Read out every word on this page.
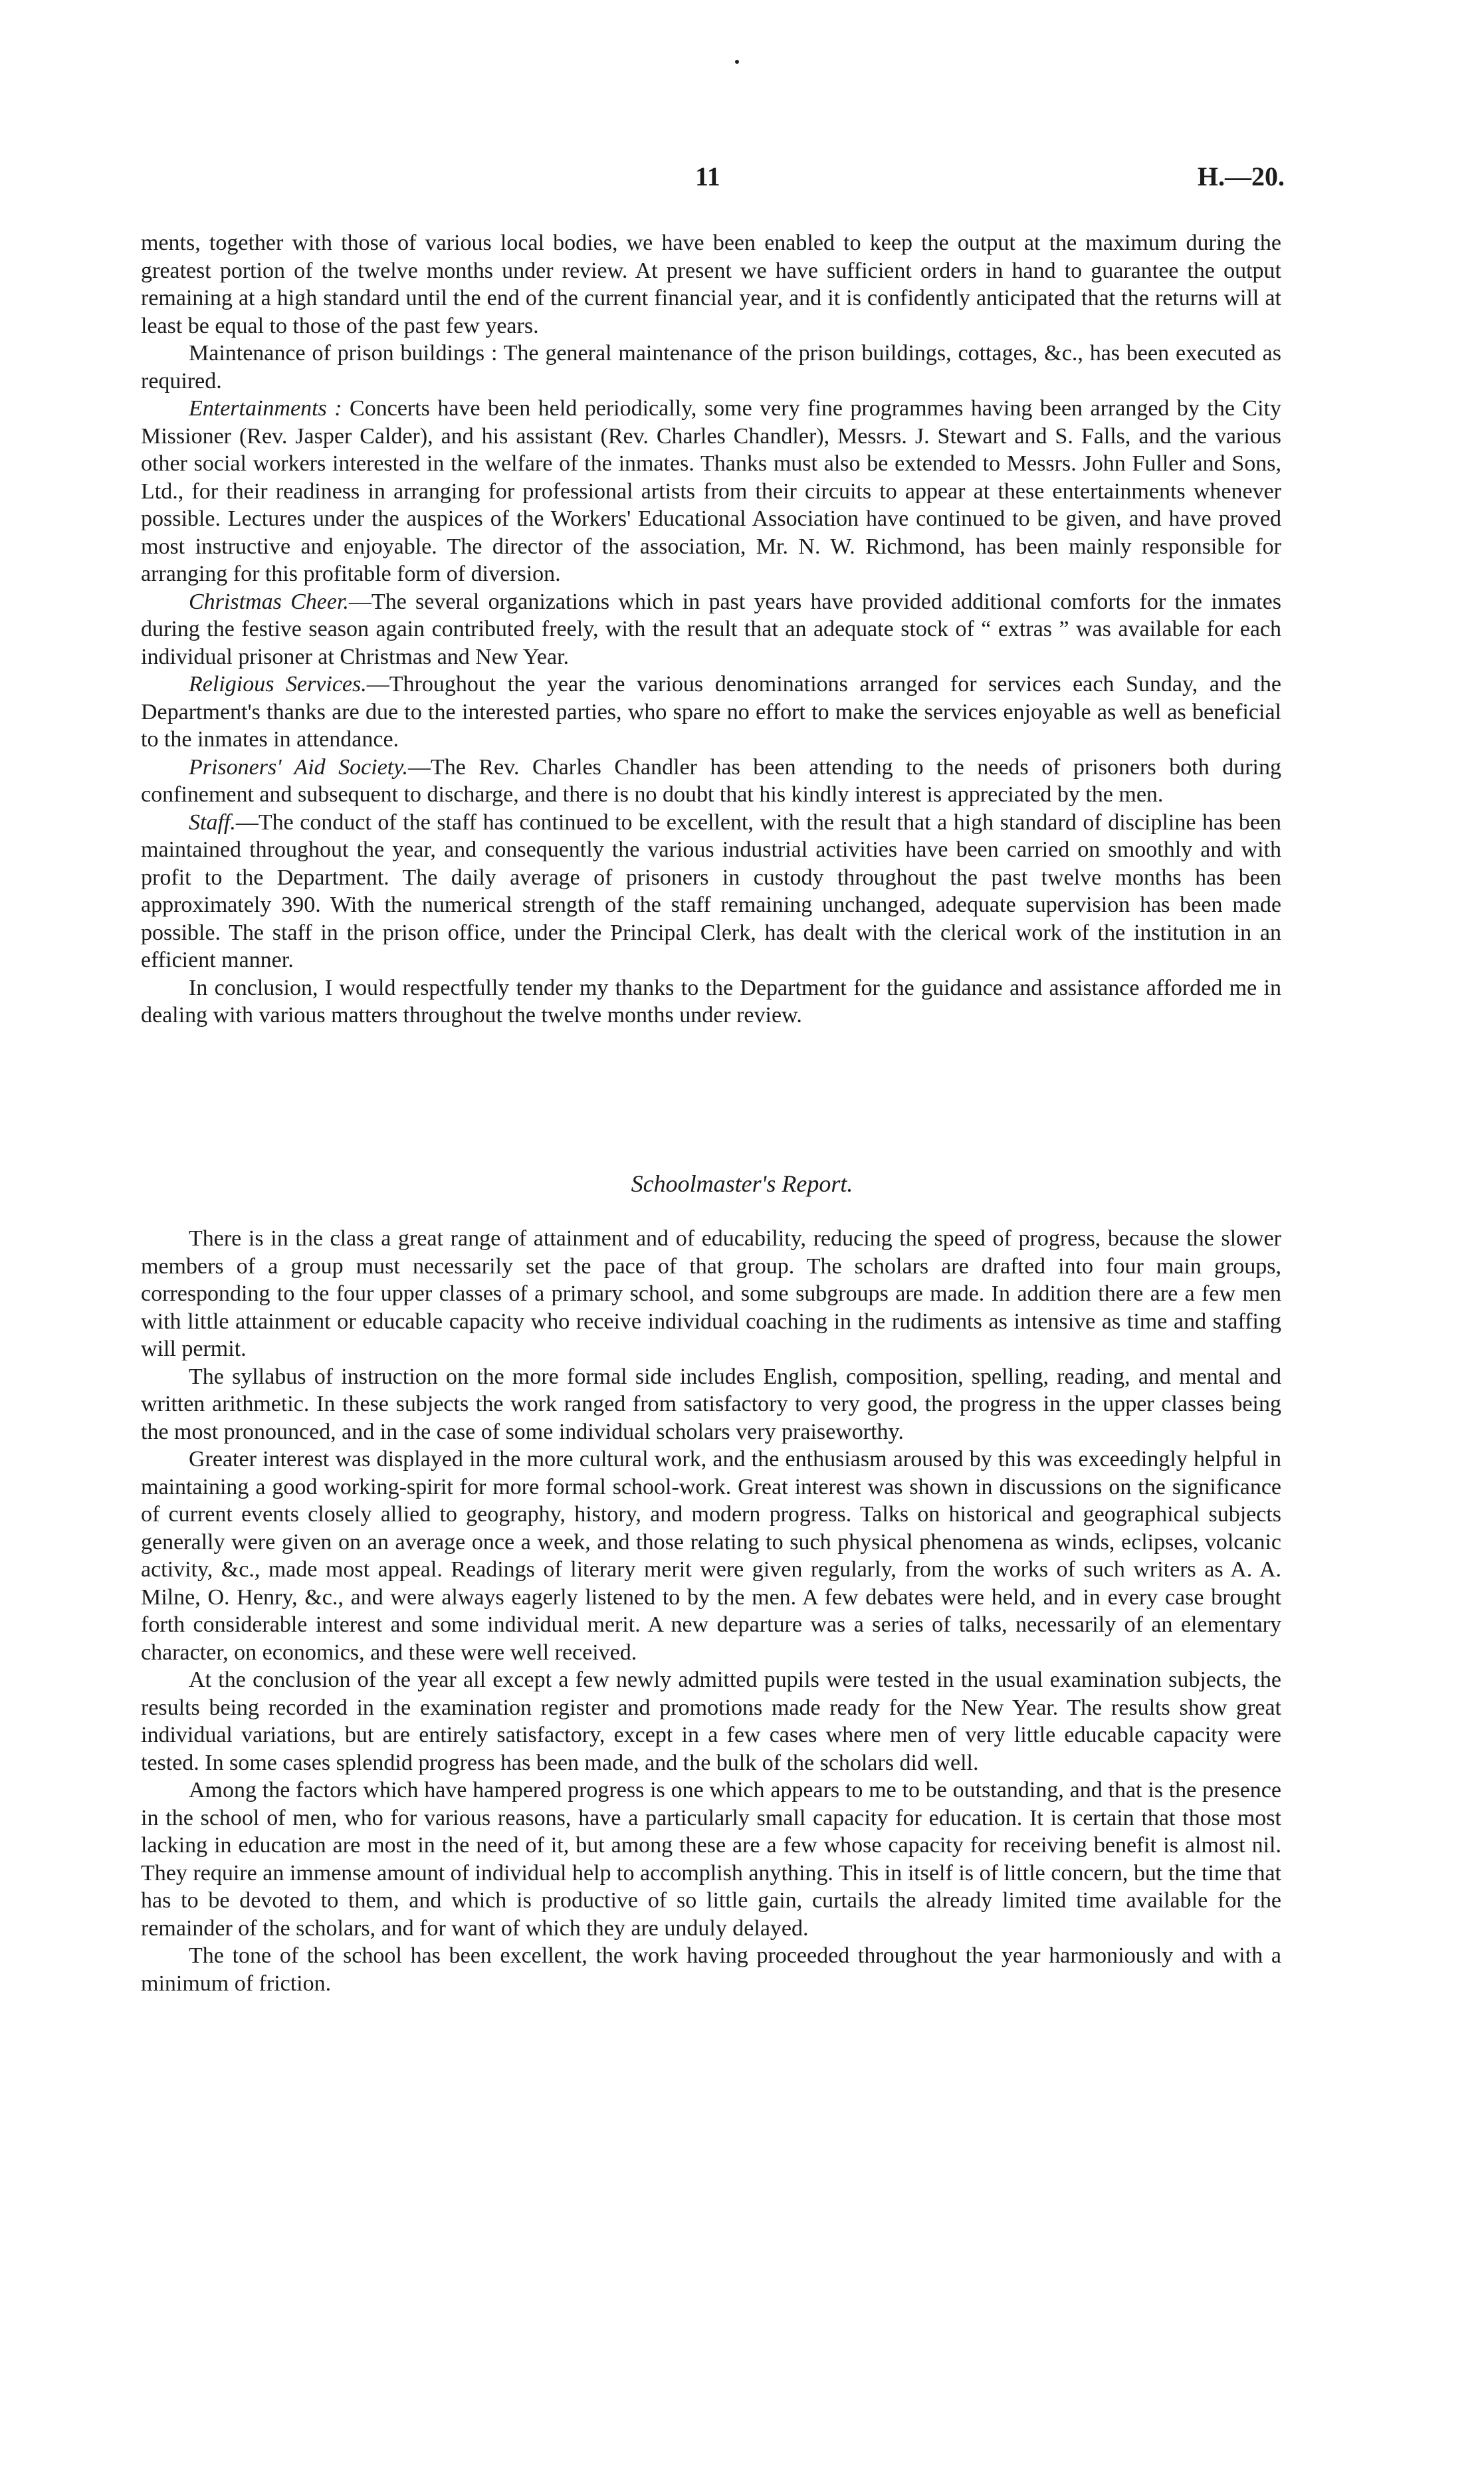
11	H.—20.

ments, together with those of various local bodies, we have been enabled to keep the output at the maximum during the greatest portion of the twelve months under review. At present we have sufficient orders in hand to guarantee the output remaining at a high standard until the end of the current financial year, and it is confidently anticipated that the returns will at least be equal to those of the past few years.

Maintenance of prison buildings : The general maintenance of the prison buildings, cottages, &c., has been executed as required.

Entertainments : Concerts have been held periodically, some very fine programmes having been arranged by the City Missioner (Rev. Jasper Calder), and his assistant (Rev. Charles Chandler), Messrs. J. Stewart and S. Falls, and the various other social workers interested in the welfare of the inmates. Thanks must also be extended to Messrs. John Fuller and Sons, Ltd., for their readiness in arranging for professional artists from their circuits to appear at these entertainments whenever possible. Lectures under the auspices of the Workers' Educational Association have continued to be given, and have proved most instructive and enjoyable. The director of the association, Mr. N. W. Richmond, has been mainly responsible for arranging for this profitable form of diversion.

Christmas Cheer.—The several organizations which in past years have provided additional comforts for the inmates during the festive season again contributed freely, with the result that an adequate stock of “ extras ” was available for each individual prisoner at Christmas and New Year.

Religious Services.—Throughout the year the various denominations arranged for services each Sunday, and the Department's thanks are due to the interested parties, who spare no effort to make the services enjoyable as well as beneficial to the inmates in attendance.

Prisoners' Aid Society.—The Rev. Charles Chandler has been attending to the needs of prisoners both during confinement and subsequent to discharge, and there is no doubt that his kindly interest is appreciated by the men.

Staff.—The conduct of the staff has continued to be excellent, with the result that a high standard of discipline has been maintained throughout the year, and consequently the various industrial activities have been carried on smoothly and with profit to the Department. The daily average of prisoners in custody throughout the past twelve months has been approximately 390. With the numerical strength of the staff remaining unchanged, adequate supervision has been made possible. The staff in the prison office, under the Principal Clerk, has dealt with the clerical work of the institution in an efficient manner.

In conclusion, I would respectfully tender my thanks to the Department for the guidance and assistance afforded me in dealing with various matters throughout the twelve months under review.

Schoolmaster's Report.

There is in the class a great range of attainment and of educability, reducing the speed of progress, because the slower members of a group must necessarily set the pace of that group. The scholars are drafted into four main groups, corresponding to the four upper classes of a primary school, and some subgroups are made. In addition there are a few men with little attainment or educable capacity who receive individual coaching in the rudiments as intensive as time and staffing will permit.

The syllabus of instruction on the more formal side includes English, composition, spelling, reading, and mental and written arithmetic. In these subjects the work ranged from satisfactory to very good, the progress in the upper classes being the most pronounced, and in the case of some individual scholars very praiseworthy.

Greater interest was displayed in the more cultural work, and the enthusiasm aroused by this was exceedingly helpful in maintaining a good working-spirit for more formal school-work. Great interest was shown in discussions on the significance of current events closely allied to geography, history, and modern progress. Talks on historical and geographical subjects generally were given on an average once a week, and those relating to such physical phenomena as winds, eclipses, volcanic activity, &c., made most appeal. Readings of literary merit were given regularly, from the works of such writers as A. A. Milne, O. Henry, &c., and were always eagerly listened to by the men. A few debates were held, and in every case brought forth considerable interest and some individual merit. A new departure was a series of talks, necessarily of an elementary character, on economics, and these were well received.

At the conclusion of the year all except a few newly admitted pupils were tested in the usual examination subjects, the results being recorded in the examination register and promotions made ready for the New Year. The results show great individual variations, but are entirely satisfactory, except in a few cases where men of very little educable capacity were tested. In some cases splendid progress has been made, and the bulk of the scholars did well.

Among the factors which have hampered progress is one which appears to me to be outstanding, and that is the presence in the school of men, who for various reasons, have a particularly small capacity for education. It is certain that those most lacking in education are most in the need of it, but among these are a few whose capacity for receiving benefit is almost nil. They require an immense amount of individual help to accomplish anything. This in itself is of little concern, but the time that has to be devoted to them, and which is productive of so little gain, curtails the already limited time available for the remainder of the scholars, and for want of which they are unduly delayed.

The tone of the school has been excellent, the work having proceeded throughout the year harmoniously and with a minimum of friction.
